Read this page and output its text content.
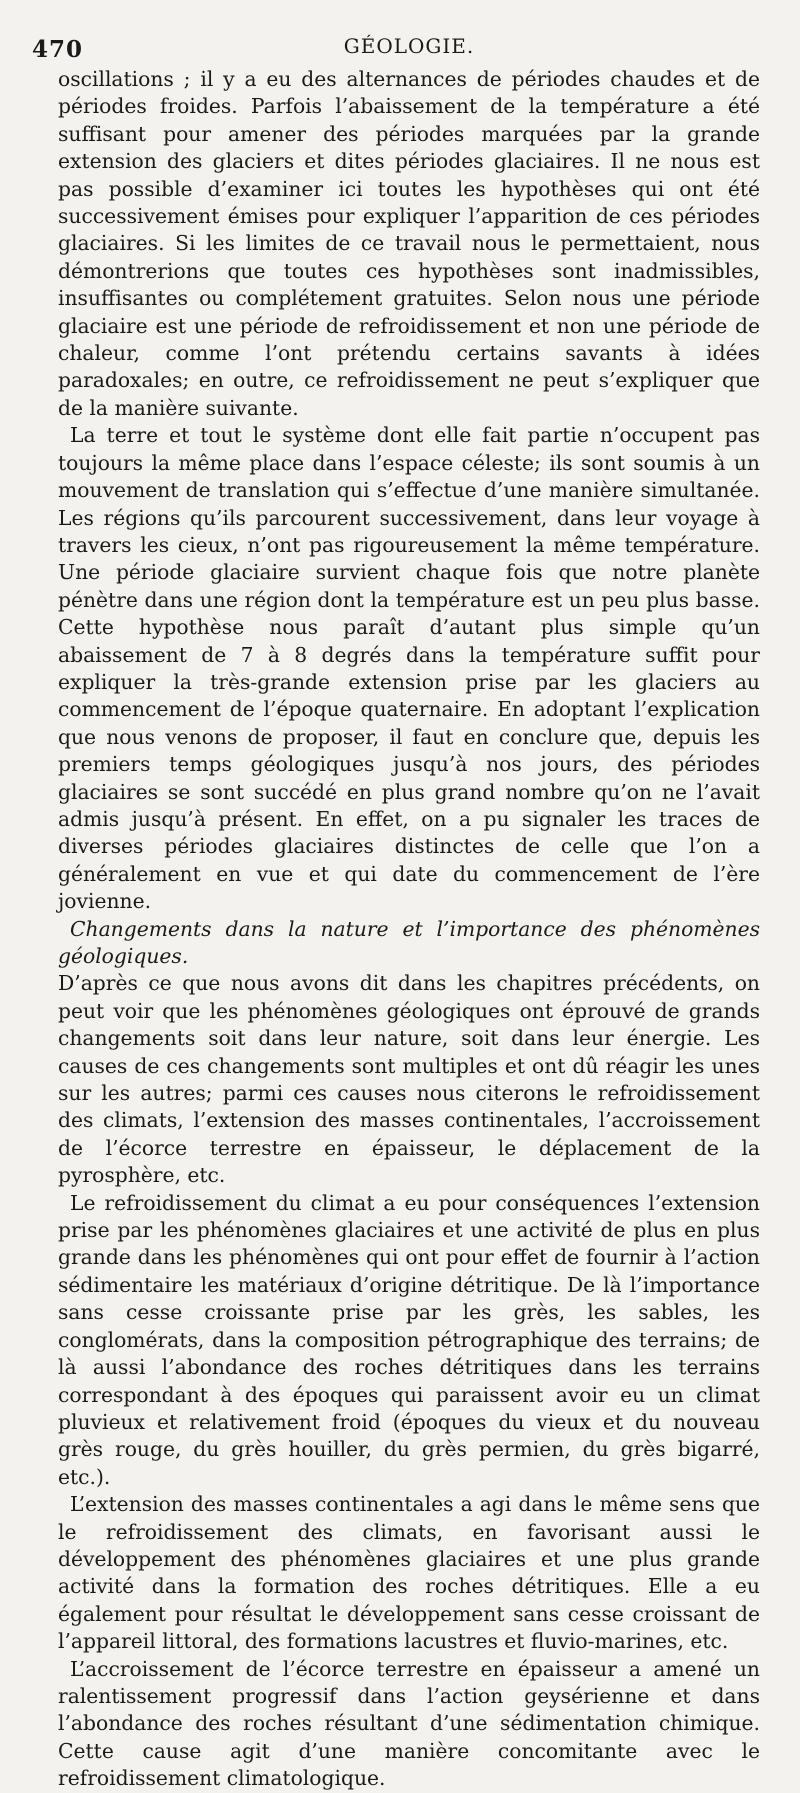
470	GÉOLOGIE.

oscillations ; il y a eu des alternances de périodes chaudes et de périodes froides. Parfois l’abaissement de la température a été suffisant pour amener des périodes marquées par la grande extension des glaciers et dites périodes glaciaires. Il ne nous est pas possible d’examiner ici toutes les hypothèses qui ont été successivement émises pour expliquer l’apparition de ces périodes glaciaires. Si les limites de ce travail nous le permettaient, nous démontrerions que toutes ces hypothèses sont inadmissibles, insuffisantes ou complétement gratuites. Selon nous une période glaciaire est une période de refroidissement et non une période de chaleur, comme l’ont prétendu certains savants à idées paradoxales; en outre, ce refroidissement ne peut s’expliquer que de la manière suivante.

La terre et tout le système dont elle fait partie n’occupent pas toujours la même place dans l’espace céleste; ils sont soumis à un mouvement de translation qui s’effectue d’une manière simultanée. Les régions qu’ils parcourent successivement, dans leur voyage à travers les cieux, n’ont pas rigoureusement la même température. Une période glaciaire survient chaque fois que notre planète pénètre dans une région dont la température est un peu plus basse. Cette hypothèse nous paraît d’autant plus simple qu’un abaissement de 7 à 8 degrés dans la température suffit pour expliquer la très-grande extension prise par les glaciers au commencement de l’époque quaternaire. En adoptant l’explication que nous venons de proposer, il faut en conclure que, depuis les premiers temps géologiques jusqu’à nos jours, des périodes glaciaires se sont succédé en plus grand nombre qu’on ne l’avait admis jusqu’à présent. En effet, on a pu signaler les traces de diverses périodes glaciaires distinctes de celle que l’on a généralement en vue et qui date du commencement de l’ère jovienne.

Changements dans la nature et l’importance des phénomènes géologiques.
D’après ce que nous avons dit dans les chapitres précédents, on peut voir que les phénomènes géologiques ont éprouvé de grands changements soit dans leur nature, soit dans leur énergie. Les causes de ces changements sont multiples et ont dû réagir les unes sur les autres; parmi ces causes nous citerons le refroidissement des climats, l’extension des masses continentales, l’accroissement de l’écorce terrestre en épaisseur, le déplacement de la pyrosphère, etc.

Le refroidissement du climat a eu pour conséquences l’extension prise par les phénomènes glaciaires et une activité de plus en plus grande dans les phénomènes qui ont pour effet de fournir à l’action sédimentaire les matériaux d’origine détritique. De là l’importance sans cesse croissante prise par les grès, les sables, les conglomérats, dans la composition pétrographique des terrains; de là aussi l’abondance des roches détritiques dans les terrains correspondant à des époques qui paraissent avoir eu un climat pluvieux et relativement froid (époques du vieux et du nouveau grès rouge, du grès houiller, du grès permien, du grès bigarré, etc.).

L’extension des masses continentales a agi dans le même sens que le refroidissement des climats, en favorisant aussi le développement des phénomènes glaciaires et une plus grande activité dans la formation des roches détritiques. Elle a eu également pour résultat le développement sans cesse croissant de l’appareil littoral, des formations lacustres et fluvio-marines, etc.

L’accroissement de l’écorce terrestre en épaisseur a amené un ralentissement progressif dans l’action geysérienne et dans l’abondance des roches résultant d’une sédimentation chimique. Cette cause agit d’une manière concomitante avec le refroidissement climatologique.
